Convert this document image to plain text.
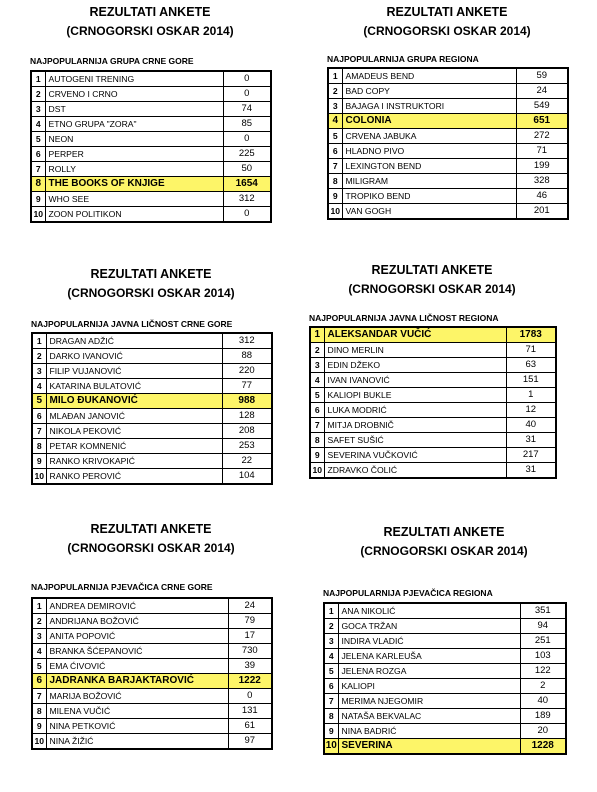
REZULTATI ANKETE
(CRNOGORSKI OSKAR 2014)
NAJPOPULARNIJA GRUPA CRNE GORE
1	AUTOGENI TRENING	0
2	CRVENO I CRNO	0
3	DST	74
4	ETNO GRUPA "ZORA"	85
5	NEON	0
6	PERPER	225
7	ROLLY	50
8	THE BOOKS OF KNJIGE	1654
9	WHO SEE	312
10	ZOON POLITIKON	0
REZULTATI ANKETE
(CRNOGORSKI OSKAR 2014)
NAJPOPULARNIJA GRUPA REGIONA
1	AMADEUS BEND	59
2	BAD COPY	24
3	BAJAGA I INSTRUKTORI	549
4	COLONIA	651
5	CRVENA JABUKA	272
6	HLADNO PIVO	71
7	LEXINGTON BEND	199
8	MILIGRAM	328
9	TROPIKO BEND	46
10	VAN GOGH	201
REZULTATI ANKETE
(CRNOGORSKI OSKAR 2014)
NAJPOPULARNIJA JAVNA LIČNOST CRNE GORE
1	DRAGAN ADŽIĆ	312
2	DARKO IVANOVIĆ	88
3	FILIP VUJANOVIĆ	220
4	KATARINA BULATOVIĆ	77
5	MILO ĐUKANOVIĆ	988
6	MLAĐAN JANOVIĆ	128
7	NIKOLA PEKOVIĆ	208
8	PETAR KOMNENIĆ	253
9	RANKO KRIVOKAPIĆ	22
10	RANKO PEROVIĆ	104
REZULTATI ANKETE
(CRNOGORSKI OSKAR 2014)
NAJPOPULARNIJA JAVNA LIČNOST REGIONA
1	ALEKSANDAR VUČIĆ	1783
2	DINO MERLIN	71
3	EDIN DŽEKO	63
4	IVAN IVANOVIĆ	151
5	KALIOPI BUKLE	1
6	LUKA MODRIĆ	12
7	MITJA DROBNIČ	40
8	SAFET SUŠIĆ	31
9	SEVERINA VUČKOVIĆ	217
10	ZDRAVKO ČOLIĆ	31
REZULTATI ANKETE
(CRNOGORSKI OSKAR 2014)
NAJPOPULARNIJA PJEVAČICA CRNE GORE
1	ANDREA DEMIROVIĆ	24
2	ANDRIJANA BOŽOVIĆ	79
3	ANITA POPOVIĆ	17
4	BRANKA ŠĆEPANOVIĆ	730
5	EMA ĆIVOVIĆ	39
6	JADRANKA BARJAKTAROVIĆ	1222
7	MARIJA BOŽOVIĆ	0
8	MILENA VUČIĆ	131
9	NINA PETKOVIĆ	61
10	NINA ŽIŽIĆ	97
REZULTATI ANKETE
(CRNOGORSKI OSKAR 2014)
NAJPOPULARNIJA PJEVAČICA REGIONA
1	ANA NIKOLIĆ	351
2	GOCA TRŽAN	94
3	INDIRA VLADIĆ	251
4	JELENA KARLEUŠA	103
5	JELENA ROZGA	122
6	KALIOPI	2
7	MERIMA NJEGOMIR	40
8	NATAŠA BEKVALAC	189
9	NINA BADRIĆ	20
10	SEVERINA	1228
